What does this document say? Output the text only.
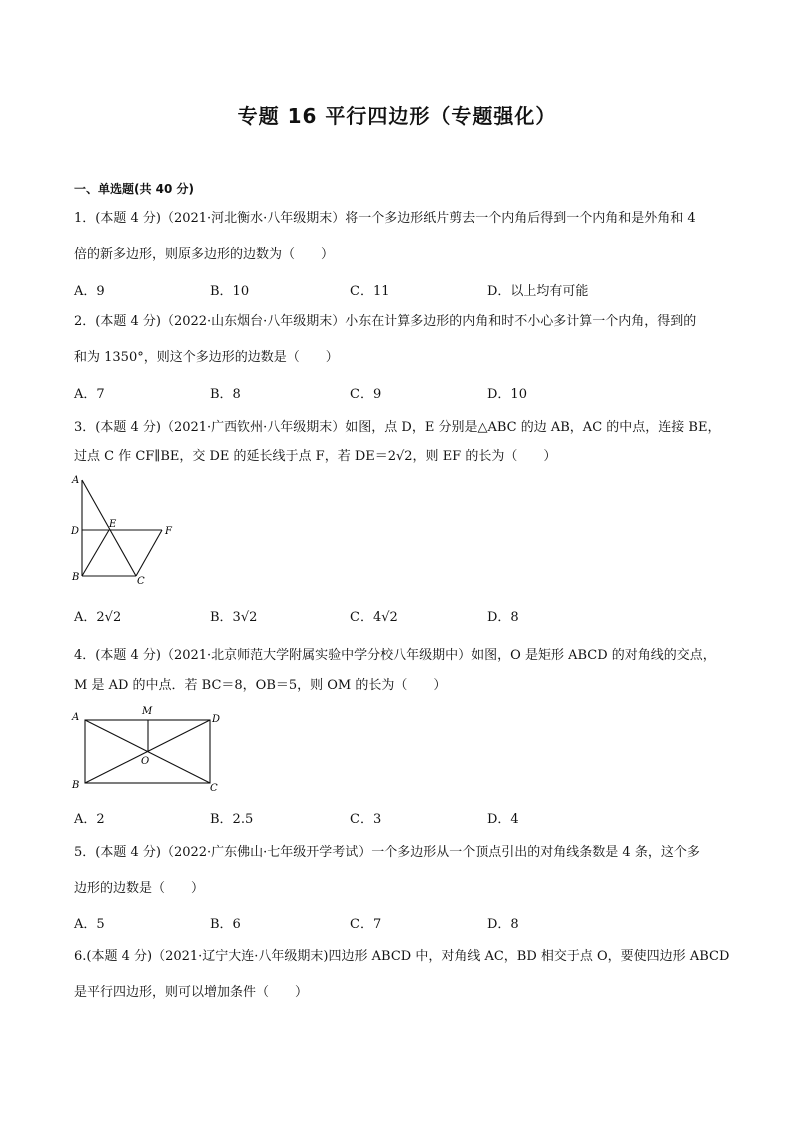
专题 16 平行四边形（专题强化）
一、单选题(共 40 分)
1．(本题 4 分)（2021·河北衡水·八年级期末）将一个多边形纸片剪去一个内角后得到一个内角和是外角和 4
倍的新多边形，则原多边形的边数为（　　）
A．9	B．10	C．11	D．以上均有可能
2．(本题 4 分)（2022·山东烟台·八年级期末）小东在计算多边形的内角和时不小心多计算一个内角，得到的
和为 1350°，则这个多边形的边数是（　　）
A．7	B．8	C．9	D．10
3．(本题 4 分)（2021·广西钦州·八年级期末）如图，点 D，E 分别是△ABC 的边 AB，AC 的中点，连接 BE，
过点 C 作 CF∥BE，交 DE 的延长线于点 F，若 DE＝2√2，则 EF 的长为（　　）
A
D
E
F
B	C
A．2√2	B．3√2	C．4√2	D．8
4．(本题 4 分)（2021·北京师范大学附属实验中学分校八年级期中）如图，O 是矩形 ABCD 的对角线的交点，
M 是 AD 的中点．若 BC＝8，OB＝5，则 OM 的长为（　　）
A
M
D
O
B	C
A．2	B．2.5	C．3	D．4
5．(本题 4 分)（2022·广东佛山·七年级开学考试）一个多边形从一个顶点引出的对角线条数是 4 条，这个多
边形的边数是（　　）
A．5	B．6	C．7	D．8
6.(本题 4 分)（2021·辽宁大连·八年级期末)四边形 ABCD 中，对角线 AC，BD 相交于点 O，要使四边形 ABCD
是平行四边形，则可以增加条件（　　）
